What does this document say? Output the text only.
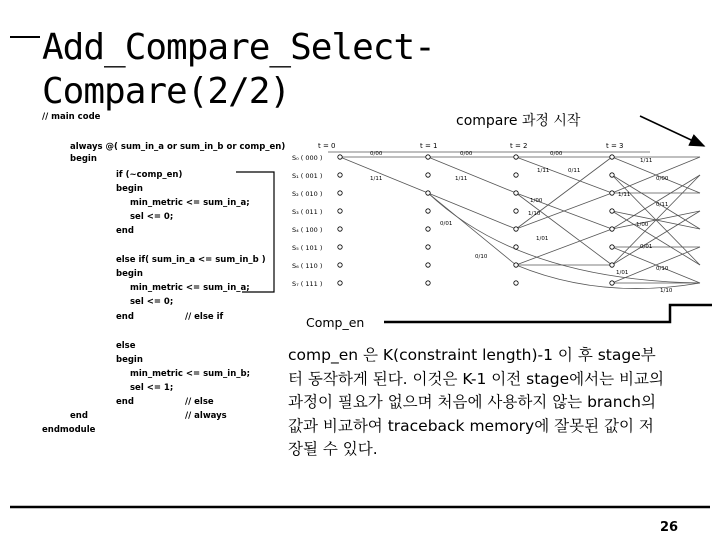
Add_Compare_Select-
Compare(2/2)
// main code
always @( sum_in_a or sum_in_b or comp_en)
begin
if (~comp_en)
begin
min_metric <= sum_in_a;
sel <= 0;
end
else if( sum_in_a <= sum_in_b )
begin
min_metric <= sum_in_a;
sel <= 0;
end	// else if
else
begin
min_metric <= sum_in_b;
sel <= 1;
end	// else
end	// always
endmodule
t = 0	t = 1	t = 2	t = 3
S₀ ( 000 )
S₁ ( 001 )
S₂ ( 010 )
S₃ ( 011 )
S₄ ( 100 )
S₅ ( 101 )
S₆ ( 110 )
S₇ ( 111 )
0/00
1/11
0/00
1/11
0/00
1/11
1/11
0/11
1/00
0/01
1/10
1/01
0/10
0/00
1/11
0/11
1/00
1/01
0/10
1/10
0/01
compare 과정 시작
Comp_en
comp_en 은 K(constraint length)-1 이 후 stage부터 동작하게 된다. 이것은 K-1 이전 stage에서는 비교의 과정이 필요가 없으며 처음에 사용하지 않는 branch의 값과 비교하여 traceback memory에 잘못된 값이 저장될 수 있다.
26
